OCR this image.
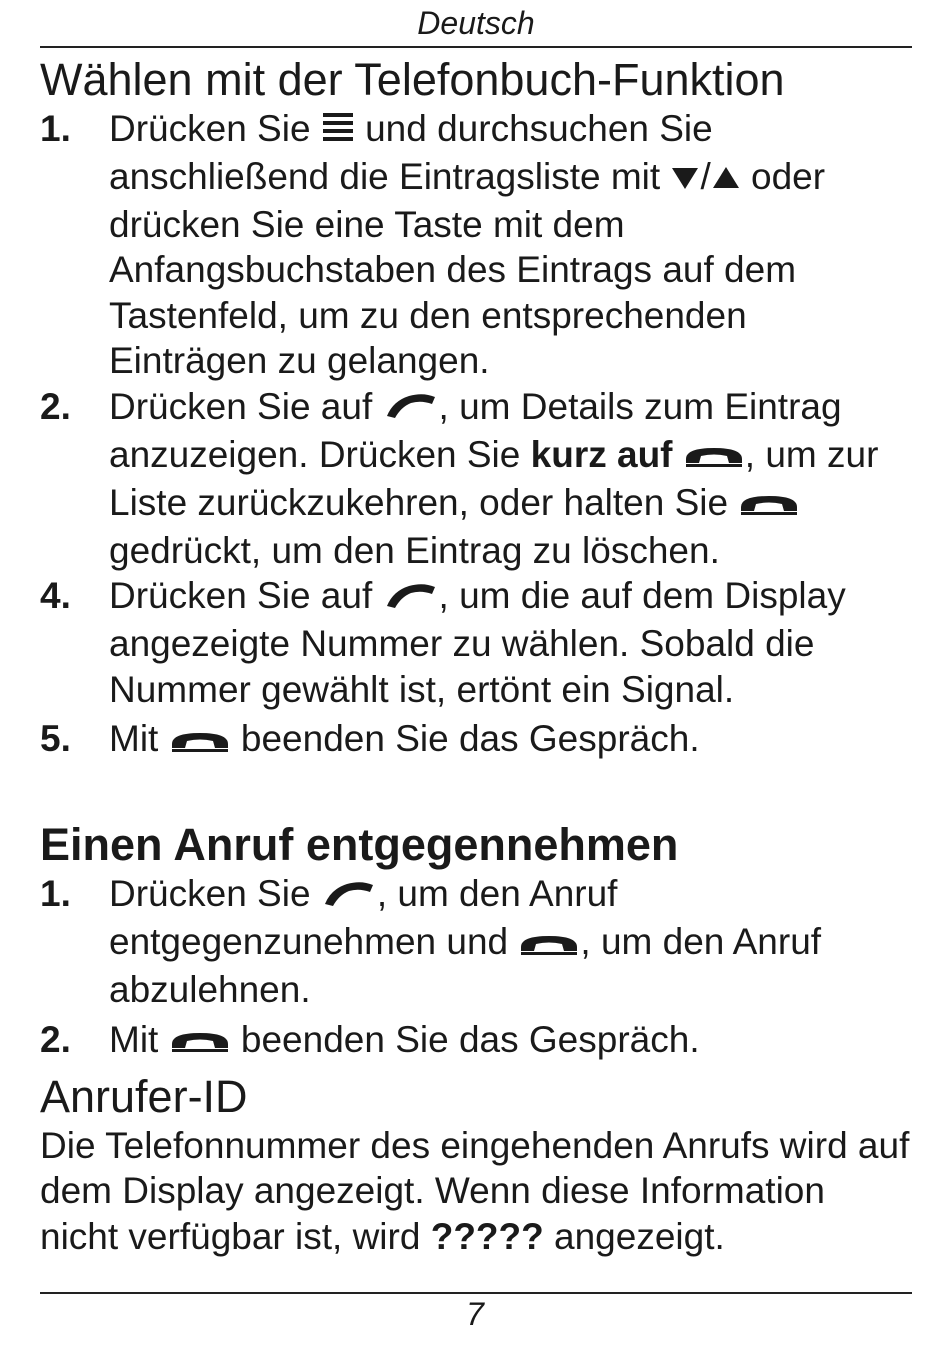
Deutsch
Wählen mit der Telefonbuch-Funktion
1. Drücken Sie  und durchsuchen Sie anschließend die Eintragsliste mit / oder drücken Sie eine Taste mit dem Anfangsbuchstaben des Eintrags auf dem Tastenfeld, um zu den entsprechenden Einträgen zu gelangen.
2. Drücken Sie auf , um Details zum Eintrag anzuzeigen. Drücken Sie kurz auf , um zur Liste zurückzukehren, oder halten Sie  gedrückt, um den Eintrag zu löschen.
4. Drücken Sie auf , um die auf dem Display angezeigte Nummer zu wählen. Sobald die Nummer gewählt ist, ertönt ein Signal.
5. Mit  beenden Sie das Gespräch.
Einen Anruf entgegennehmen
1. Drücken Sie , um den Anruf entgegenzunehmen und , um den Anruf abzulehnen.
2. Mit  beenden Sie das Gespräch.
Anrufer-ID
Die Telefonnummer des eingehenden Anrufs wird auf dem Display angezeigt. Wenn diese Information nicht verfügbar ist, wird ????? angezeigt.
7
